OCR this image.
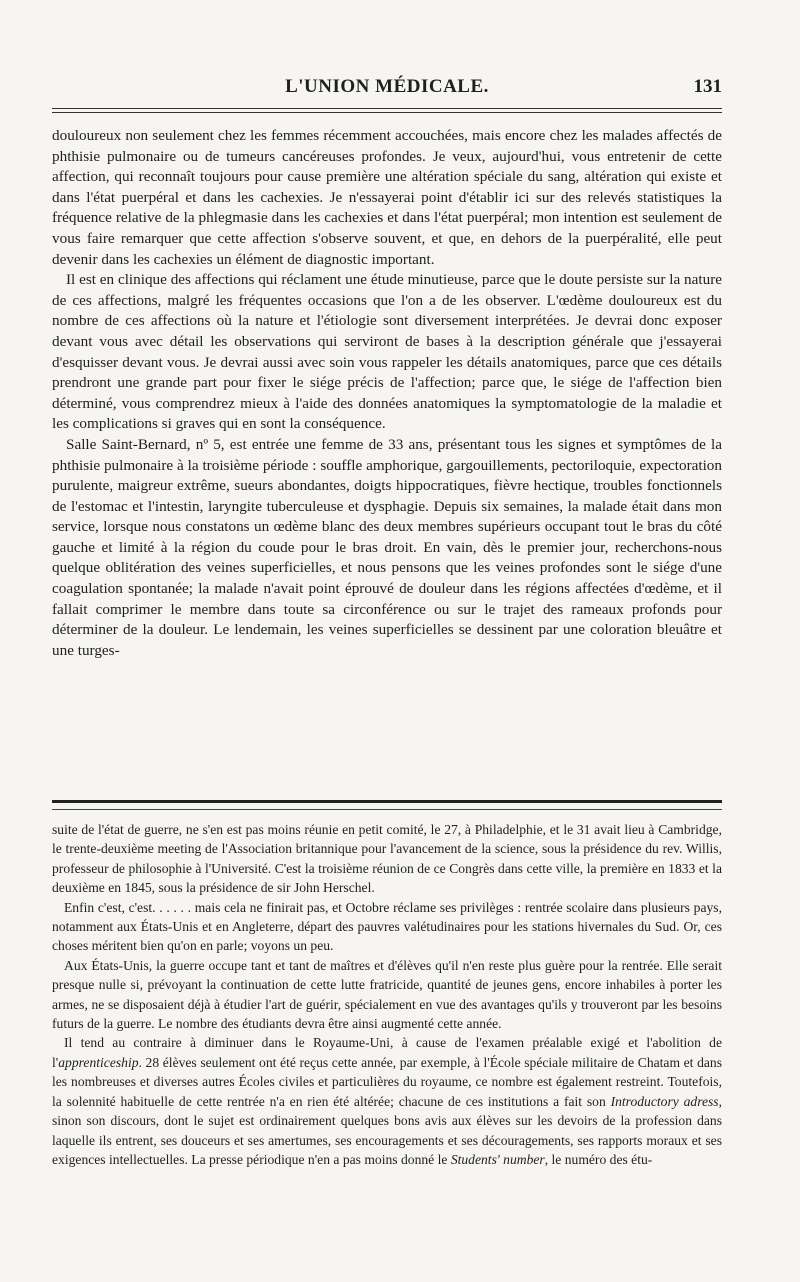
L'UNION MÉDICALE.	131

douloureux non seulement chez les femmes récemment accouchées, mais encore chez les malades affectés de phthisie pulmonaire ou de tumeurs cancéreuses profondes. Je veux, aujourd'hui, vous entretenir de cette affection, qui reconnaît toujours pour cause première une altération spéciale du sang, altération qui existe et dans l'état puerpéral et dans les cachexies. Je n'essayerai point d'établir ici sur des relevés statistiques la fréquence relative de la phlegmasie dans les cachexies et dans l'état puerpéral; mon intention est seulement de vous faire remarquer que cette affection s'observe souvent, et que, en dehors de la puerpéralité, elle peut devenir dans les cachexies un élément de diagnostic important.

Il est en clinique des affections qui réclament une étude minutieuse, parce que le doute persiste sur la nature de ces affections, malgré les fréquentes occasions que l'on a de les observer. L'œdème douloureux est du nombre de ces affections où la nature et l'étiologie sont diversement interprétées. Je devrai donc exposer devant vous avec détail les observations qui serviront de bases à la description générale que j'essayerai d'esquisser devant vous. Je devrai aussi avec soin vous rappeler les détails anatomiques, parce que ces détails prendront une grande part pour fixer le siége précis de l'affection; parce que, le siége de l'affection bien déterminé, vous comprendrez mieux à l'aide des données anatomiques la symptomatologie de la maladie et les complications si graves qui en sont la conséquence.

Salle Saint-Bernard, nº 5, est entrée une femme de 33 ans, présentant tous les signes et symptômes de la phthisie pulmonaire à la troisième période : souffle amphorique, gargouillements, pectoriloquie, expectoration purulente, maigreur extrême, sueurs abondantes, doigts hippocratiques, fièvre hectique, troubles fonctionnels de l'estomac et l'intestin, laryngite tuberculeuse et dysphagie. Depuis six semaines, la malade était dans mon service, lorsque nous constatons un œdème blanc des deux membres supérieurs occupant tout le bras du côté gauche et limité à la région du coude pour le bras droit. En vain, dès le premier jour, recherchons-nous quelque oblitération des veines superficielles, et nous pensons que les veines profondes sont le siége d'une coagulation spontanée; la malade n'avait point éprouvé de douleur dans les régions affectées d'œdème, et il fallait comprimer le membre dans toute sa circonférence ou sur le trajet des rameaux profonds pour déterminer de la douleur. Le lendemain, les veines superficielles se dessinent par une coloration bleuâtre et une turges-

suite de l'état de guerre, ne s'en est pas moins réunie en petit comité, le 27, à Philadelphie, et le 31 avait lieu à Cambridge, le trente-deuxième meeting de l'Association britannique pour l'avancement de la science, sous la présidence du rev. Willis, professeur de philosophie à l'Université. C'est la troisième réunion de ce Congrès dans cette ville, la première en 1833 et la deuxième en 1845, sous la présidence de sir John Herschel.

Enfin c'est, c'est. . . . . . mais cela ne finirait pas, et Octobre réclame ses privilèges : rentrée scolaire dans plusieurs pays, notamment aux États-Unis et en Angleterre, départ des pauvres valétudinaires pour les stations hivernales du Sud. Or, ces choses méritent bien qu'on en parle; voyons un peu.

Aux États-Unis, la guerre occupe tant et tant de maîtres et d'élèves qu'il n'en reste plus guère pour la rentrée. Elle serait presque nulle si, prévoyant la continuation de cette lutte fratricide, quantité de jeunes gens, encore inhabiles à porter les armes, ne se disposaient déjà à étudier l'art de guérir, spécialement en vue des avantages qu'ils y trouveront par les besoins futurs de la guerre. Le nombre des étudiants devra être ainsi augmenté cette année.

Il tend au contraire à diminuer dans le Royaume-Uni, à cause de l'examen préalable exigé et l'abolition de l'apprenticeship. 28 élèves seulement ont été reçus cette année, par exemple, à l'École spéciale militaire de Chatam et dans les nombreuses et diverses autres Écoles civiles et particulières du royaume, ce nombre est également restreint. Toutefois, la solennité habituelle de cette rentrée n'a en rien été altérée; chacune de ces institutions a fait son Introductory adress, sinon son discours, dont le sujet est ordinairement quelques bons avis aux élèves sur les devoirs de la profession dans laquelle ils entrent, ses douceurs et ses amertumes, ses encouragements et ses découragements, ses rapports moraux et ses exigences intellectuelles. La presse périodique n'en a pas moins donné le Students' number, le numéro des étu-
